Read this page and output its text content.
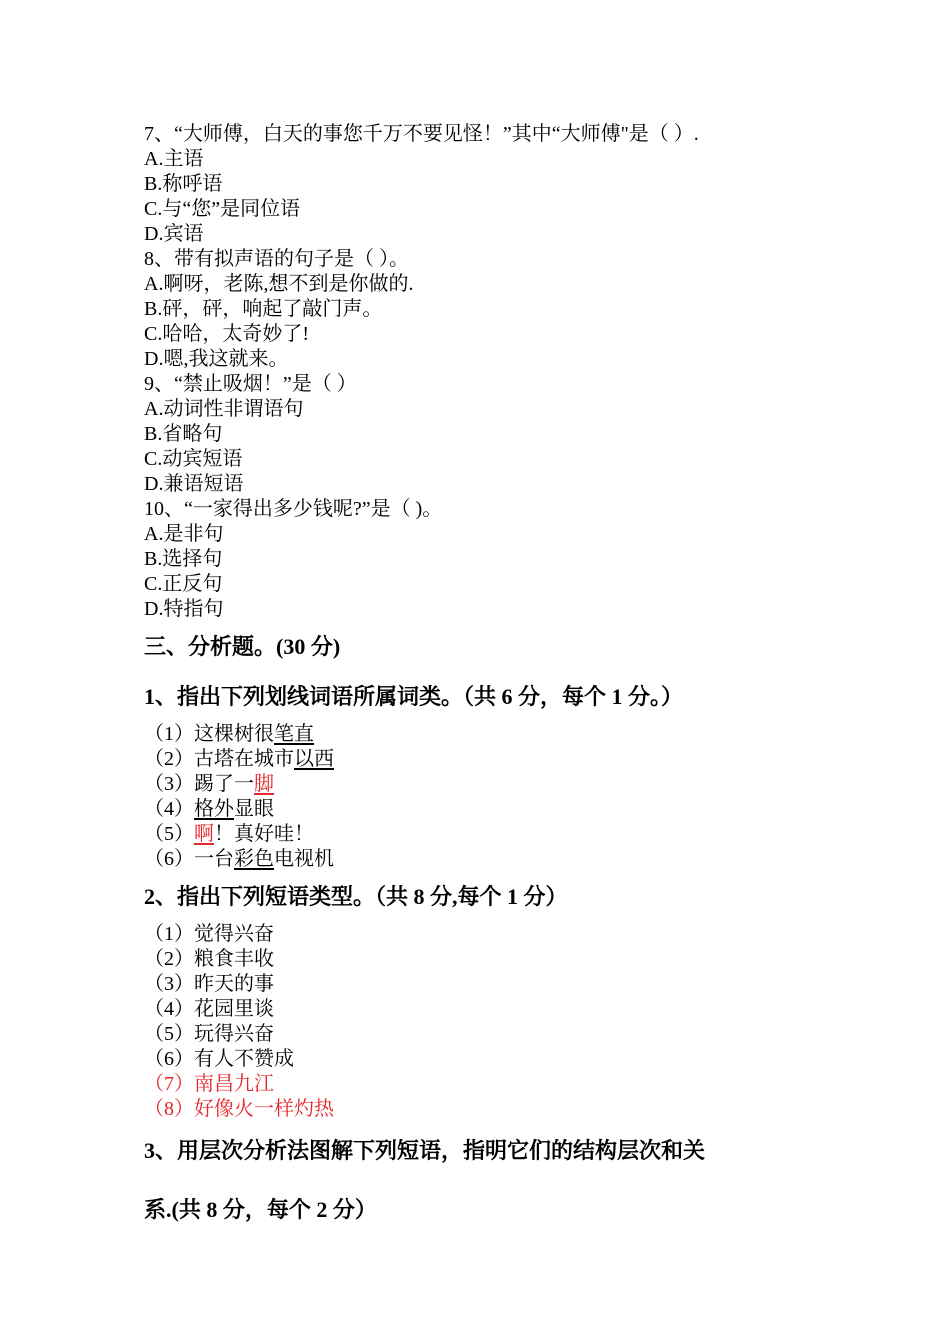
7、“大师傅，白天的事您千万不要见怪！”其中“大师傅"是（ ）.
A.主语
B.称呼语
C.与“您”是同位语
D.宾语
8、带有拟声语的句子是（ ）。
A.啊呀，老陈,想不到是你做的.
B.砰，砰，响起了敲门声。
C.哈哈，太奇妙了!
D.嗯,我这就来。
9、“禁止吸烟！”是（ ）
A.动词性非谓语句
B.省略句
C.动宾短语
D.兼语短语
10、“一家得出多少钱呢?”是（ )。
A.是非句
B.选择句
C.正反句
D.特指句
三、分析题。(30 分)
1、指出下列划线词语所属词类。（共 6 分，每个 1 分。）
（1）这棵树很笔直
（2）古塔在城市以西
（3）踢了一脚
（4）格外显眼
（5）啊！真好哇！
（6）一台彩色电视机
2、指出下列短语类型。（共 8 分,每个 1 分）
（1）觉得兴奋
（2）粮食丰收
（3）昨天的事
（4）花园里谈
（5）玩得兴奋
（6）有人不赞成
（7）南昌九江
（8）好像火一样灼热
3、用层次分析法图解下列短语，指明它们的结构层次和关
系.(共 8 分，每个 2 分）
